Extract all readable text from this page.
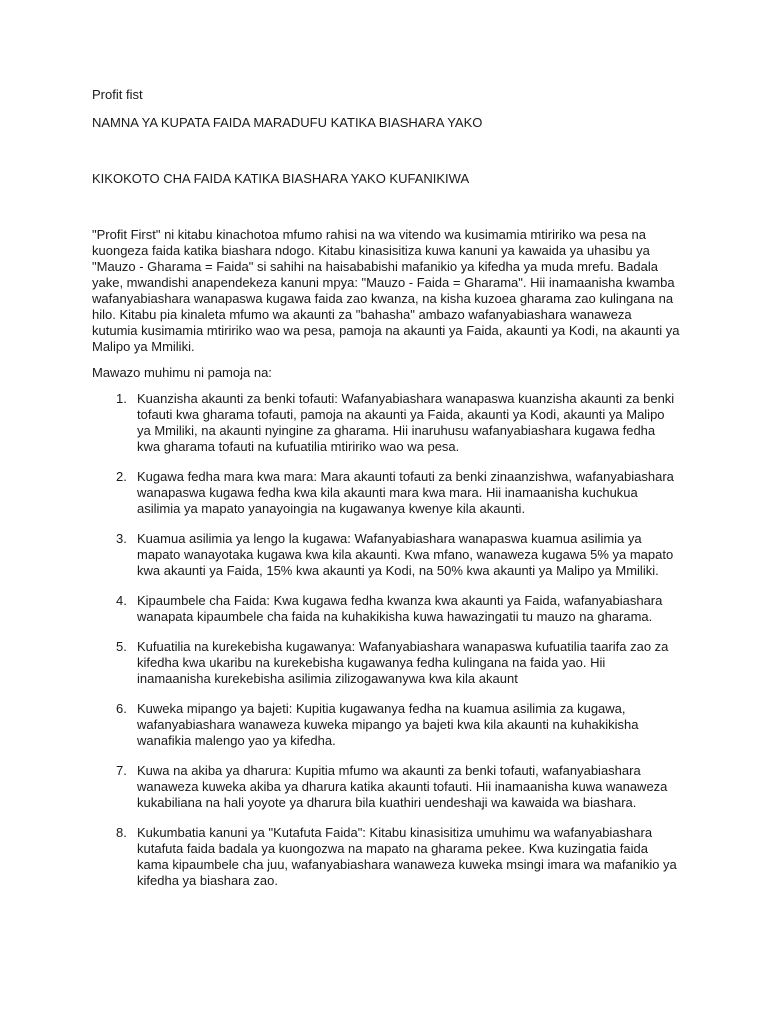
Profit fist

NAMNA YA KUPATA FAIDA MARADUFU KATIKA BIASHARA YAKO

KIKOKOTO CHA FAIDA KATIKA BIASHARA YAKO KUFANIKIWA

"Profit First" ni kitabu kinachotoa mfumo rahisi na wa vitendo wa kusimamia mtiririko wa pesa na kuongeza faida katika biashara ndogo. Kitabu kinasisitiza kuwa kanuni ya kawaida ya uhasibu ya "Mauzo - Gharama = Faida" si sahihi na haisababishi mafanikio ya kifedha ya muda mrefu. Badala yake, mwandishi anapendekeza kanuni mpya: "Mauzo - Faida = Gharama". Hii inamaanisha kwamba wafanyabiashara wanapaswa kugawa faida zao kwanza, na kisha kuzoea gharama zao kulingana na hilo. Kitabu pia kinaleta mfumo wa akaunti za "bahasha" ambazo wafanyabiashara wanaweza kutumia kusimamia mtiririko wao wa pesa, pamoja na akaunti ya Faida, akaunti ya Kodi, na akaunti ya Malipo ya Mmiliki.

Mawazo muhimu ni pamoja na:

1. Kuanzisha akaunti za benki tofauti: Wafanyabiashara wanapaswa kuanzisha akaunti za benki tofauti kwa gharama tofauti, pamoja na akaunti ya Faida, akaunti ya Kodi, akaunti ya Malipo ya Mmiliki, na akaunti nyingine za gharama. Hii inaruhusu wafanyabiashara kugawa fedha kwa gharama tofauti na kufuatilia mtiririko wao wa pesa.
2. Kugawa fedha mara kwa mara: Mara akaunti tofauti za benki zinaanzishwa, wafanyabiashara wanapaswa kugawa fedha kwa kila akaunti mara kwa mara. Hii inamaanisha kuchukua asilimia ya mapato yanayoingia na kugawanya kwenye kila akaunti.
3. Kuamua asilimia ya lengo la kugawa: Wafanyabiashara wanapaswa kuamua asilimia ya mapato wanayotaka kugawa kwa kila akaunti. Kwa mfano, wanaweza kugawa 5% ya mapato kwa akaunti ya Faida, 15% kwa akaunti ya Kodi, na 50% kwa akaunti ya Malipo ya Mmiliki.
4. Kipaumbele cha Faida: Kwa kugawa fedha kwanza kwa akaunti ya Faida, wafanyabiashara wanapata kipaumbele cha faida na kuhakikisha kuwa hawazingatii tu mauzo na gharama.
5. Kufuatilia na kurekebisha kugawanya: Wafanyabiashara wanapaswa kufuatilia taarifa zao za kifedha kwa ukaribu na kurekebisha kugawanya fedha kulingana na faida yao. Hii inamaanisha kurekebisha asilimia zilizogawanywa kwa kila akaunt
6. Kuweka mipango ya bajeti: Kupitia kugawanya fedha na kuamua asilimia za kugawa, wafanyabiashara wanaweza kuweka mipango ya bajeti kwa kila akaunti na kuhakikisha wanafikia malengo yao ya kifedha.
7. Kuwa na akiba ya dharura: Kupitia mfumo wa akaunti za benki tofauti, wafanyabiashara wanaweza kuweka akiba ya dharura katika akaunti tofauti. Hii inamaanisha kuwa wanaweza kukabiliana na hali yoyote ya dharura bila kuathiri uendeshaji wa kawaida wa biashara.
8. Kukumbatia kanuni ya "Kutafuta Faida": Kitabu kinasisitiza umuhimu wa wafanyabiashara kutafuta faida badala ya kuongozwa na mapato na gharama pekee. Kwa kuzingatia faida kama kipaumbele cha juu, wafanyabiashara wanaweza kuweka msingi imara wa mafanikio ya kifedha ya biashara zao.
